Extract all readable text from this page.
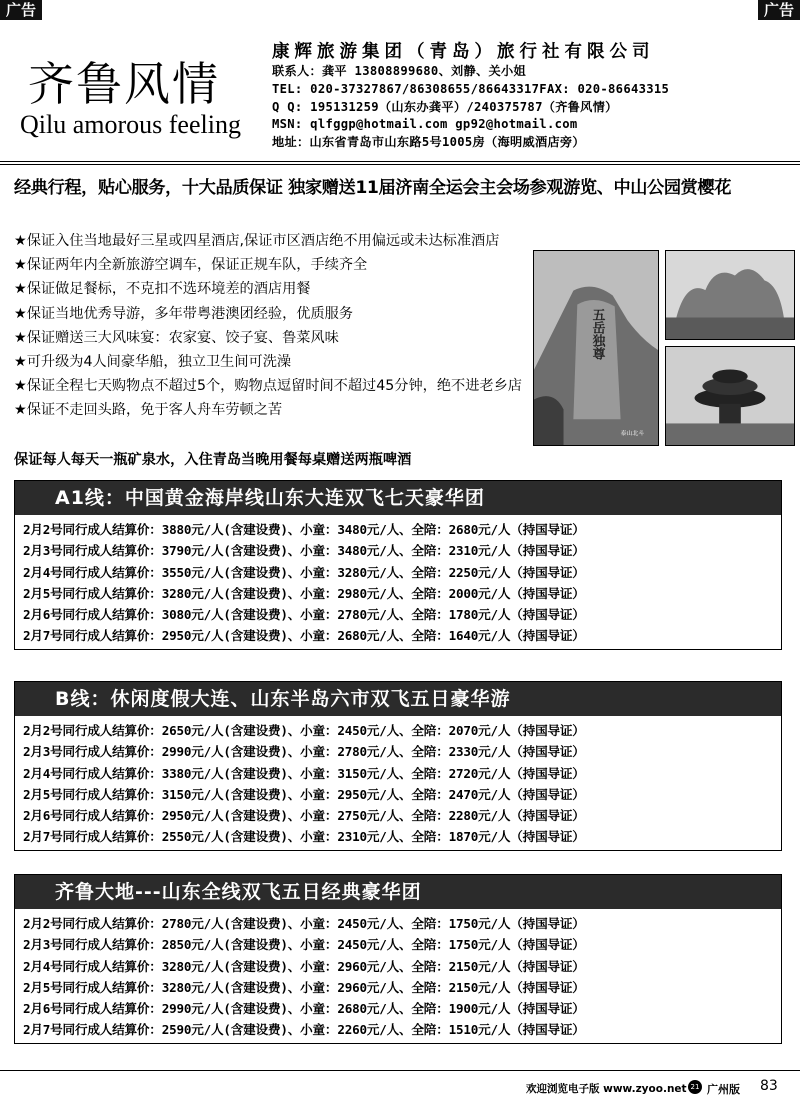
广告	广告
齐鲁风情
Qilu amorous feeling
康辉旅游集团（青岛）旅行社有限公司
联系人：龚平 13808899680、刘静、关小姐
TEL: 020-37327867/86308655/86643317FAX: 020-86643315
Q Q: 195131259（山东办龚平）/240375787（齐鲁风情）
MSN: qlfggp@hotmail.com gp92@hotmail.com
地址：山东省青岛市山东路5号1005房（海明威酒店旁）
经典行程，贴心服务，十大品质保证 独家赠送11届济南全运会主会场参观游览、中山公园赏樱花
★保证入住当地最好三星或四星酒店,保证市区酒店绝不用偏远或未达标准酒店
★保证两年内全新旅游空调车，保证正规车队，手续齐全
★保证做足餐标，不克扣不选环境差的酒店用餐
★保证当地优秀导游，多年带粤港澳团经验，优质服务
★保证赠送三大风味宴：农家宴、饺子宴、鲁菜风味
★可升级为4人间豪华船，独立卫生间可洗澡
★保证全程七天购物点不超过5个，购物点逗留时间不超过45分钟，绝不进老乡店
★保证不走回头路，免于客人舟车劳顿之苦
保证每人每天一瓶矿泉水，入住青岛当晚用餐每桌赠送两瓶啤酒
五岳独尊
泰山北斗
A1线：中国黄金海岸线山东大连双飞七天豪华团
2月2号同行成人结算价：3880元/人(含建设费)、小童：3480元/人、全陪：2680元/人（持国导证）
2月3号同行成人结算价：3790元/人(含建设费)、小童：3480元/人、全陪：2310元/人（持国导证）
2月4号同行成人结算价：3550元/人(含建设费)、小童：3280元/人、全陪：2250元/人（持国导证）
2月5号同行成人结算价：3280元/人(含建设费)、小童：2980元/人、全陪：2000元/人（持国导证）
2月6号同行成人结算价：3080元/人(含建设费)、小童：2780元/人、全陪：1780元/人（持国导证）
2月7号同行成人结算价：2950元/人(含建设费)、小童：2680元/人、全陪：1640元/人（持国导证）
B线：休闲度假大连、山东半岛六市双飞五日豪华游
2月2号同行成人结算价：2650元/人(含建设费)、小童：2450元/人、全陪：2070元/人（持国导证）
2月3号同行成人结算价：2990元/人(含建设费)、小童：2780元/人、全陪：2330元/人（持国导证）
2月4号同行成人结算价：3380元/人(含建设费)、小童：3150元/人、全陪：2720元/人（持国导证）
2月5号同行成人结算价：3150元/人(含建设费)、小童：2950元/人、全陪：2470元/人（持国导证）
2月6号同行成人结算价：2950元/人(含建设费)、小童：2750元/人、全陪：2280元/人（持国导证）
2月7号同行成人结算价：2550元/人(含建设费)、小童：2310元/人、全陪：1870元/人（持国导证）
齐鲁大地---山东全线双飞五日经典豪华团
2月2号同行成人结算价：2780元/人(含建设费)、小童：2450元/人、全陪：1750元/人（持国导证）
2月3号同行成人结算价：2850元/人(含建设费)、小童：2450元/人、全陪：1750元/人（持国导证）
2月4号同行成人结算价：3280元/人(含建设费)、小童：2960元/人、全陪：2150元/人（持国导证）
2月5号同行成人结算价：3280元/人(含建设费)、小童：2960元/人、全陪：2150元/人（持国导证）
2月6号同行成人结算价：2990元/人(含建设费)、小童：2680元/人、全陪：1900元/人（持国导证）
2月7号同行成人结算价：2590元/人(含建设费)、小童：2260元/人、全陪：1510元/人（持国导证）
欢迎浏览电子版 www.zyoo.net 21 广州版 83
